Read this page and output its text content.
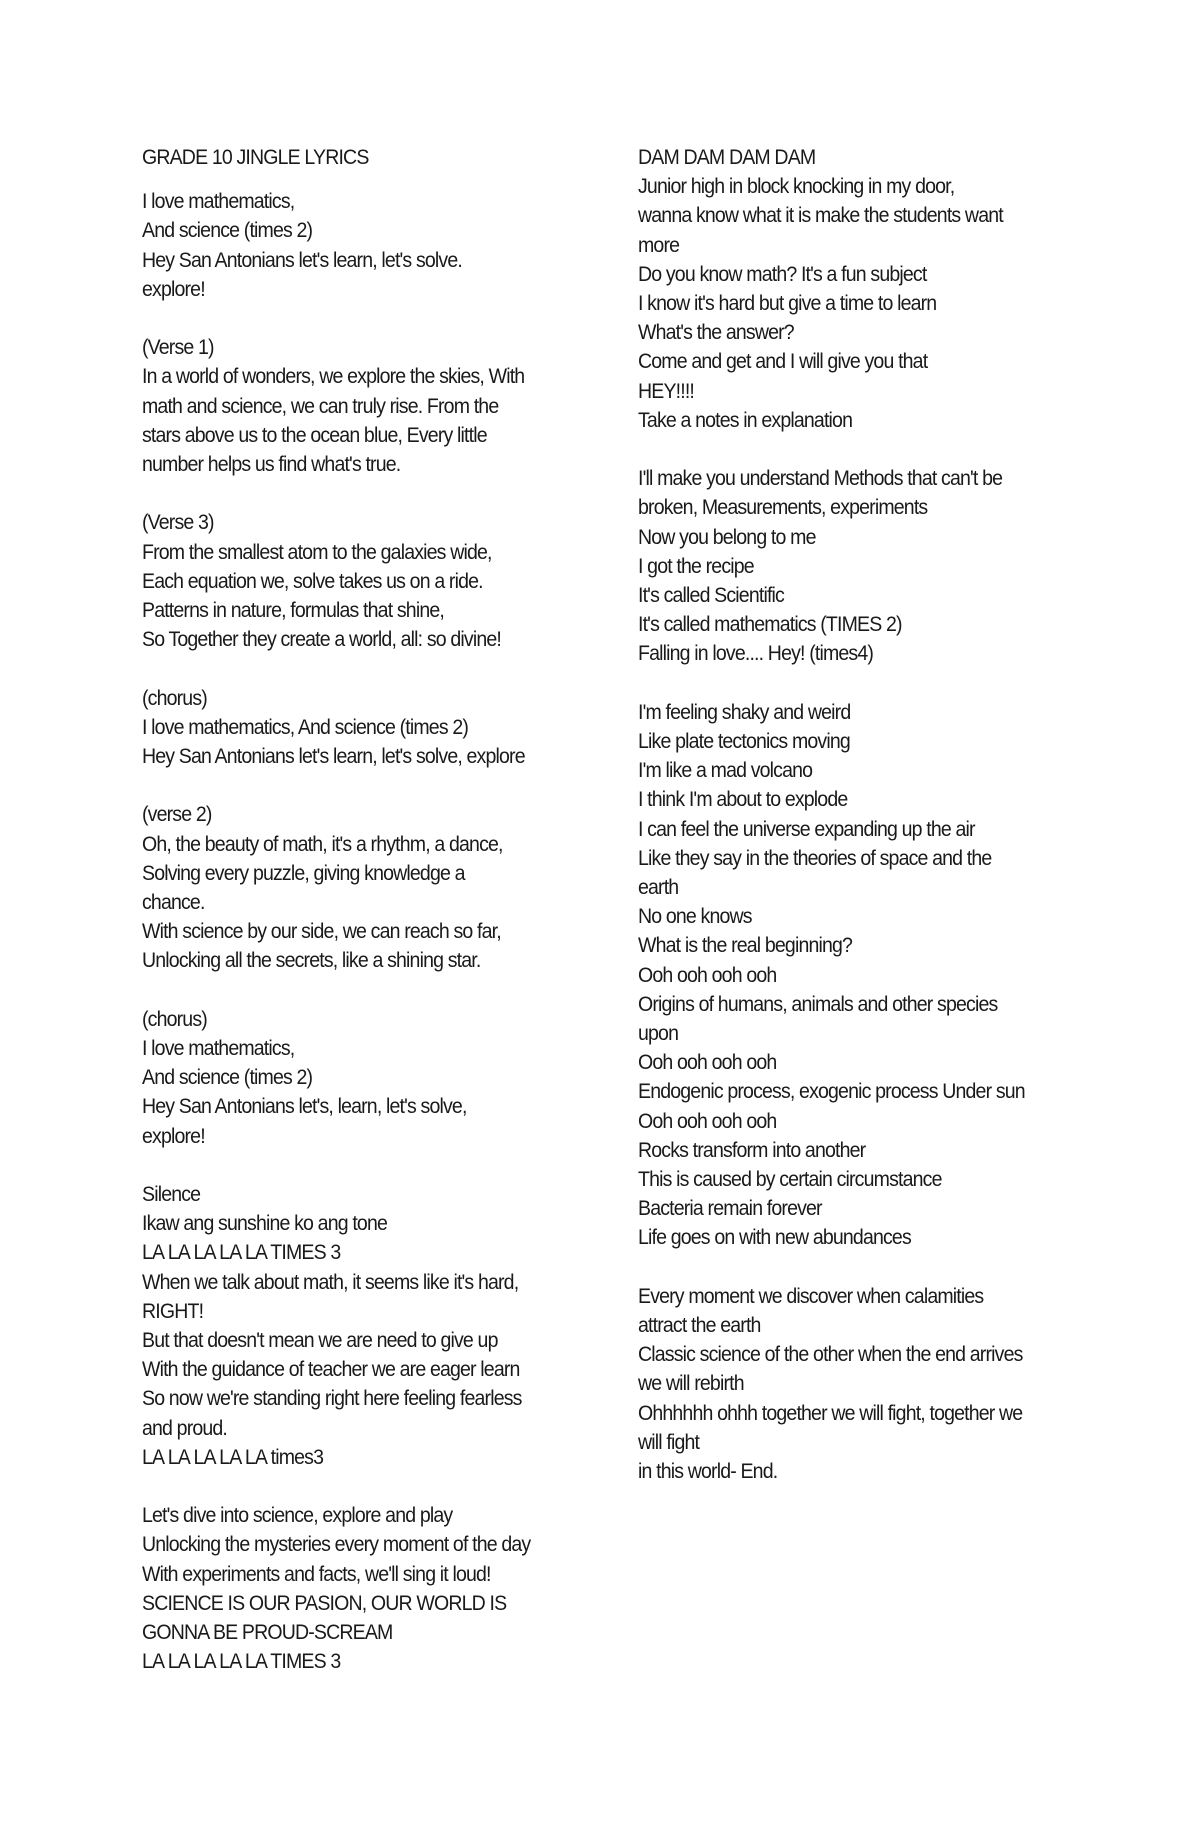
GRADE 10 JINGLE LYRICS
I love mathematics,
And science (times 2)
Hey San Antonians let's learn, let's solve.
explore!
(Verse 1)
In a world of wonders, we explore the skies, With
math and science, we can truly rise. From the
stars above us to the ocean blue, Every little
number helps us find what's true.
(Verse 3)
From the smallest atom to the galaxies wide,
Each equation we, solve takes us on a ride.
Patterns in nature, formulas that shine,
So Together they create a world, all: so divine!
(chorus)
I love mathematics, And science (times 2)
Hey San Antonians let's learn, let's solve, explore
(verse 2)
Oh, the beauty of math, it's a rhythm, a dance,
Solving every puzzle, giving knowledge a
chance.
With science by our side, we can reach so far,
Unlocking all the secrets, like a shining star.
(chorus)
I love mathematics,
And science (times 2)
Hey San Antonians let's, learn, let's solve,
explore!
Silence
Ikaw ang sunshine ko ang tone
LA LA LA LA LA TIMES 3
When we talk about math, it seems like it's hard,
RIGHT!
But that doesn't mean we are need to give up
With the guidance of teacher we are eager learn
So now we're standing right here feeling fearless
and proud.
LA LA LA LA LA times3
Let's dive into science, explore and play
Unlocking the mysteries every moment of the day
With experiments and facts, we'll sing it loud!
SCIENCE IS OUR PASION, OUR WORLD IS
GONNA BE PROUD-SCREAM
LA LA LA LA LA TIMES 3
DAM DAM DAM DAM
Junior high in block knocking in my door,
wanna know what it is make the students want
more
Do you know math? It's a fun subject
I know it's hard but give a time to learn
What's the answer?
Come and get and I will give you that
HEY!!!!
Take a notes in explanation
I'll make you understand Methods that can't be
broken, Measurements, experiments
Now you belong to me
I got the recipe
It's called Scientific
It's called mathematics (TIMES 2)
Falling in love.... Hey! (times4)
I'm feeling shaky and weird
Like plate tectonics moving
I'm like a mad volcano
I think I'm about to explode
I can feel the universe expanding up the air
Like they say in the theories of space and the
earth
No one knows
What is the real beginning?
Ooh ooh ooh ooh
Origins of humans, animals and other species
upon
Ooh ooh ooh ooh
Endogenic process, exogenic process Under sun
Ooh ooh ooh ooh
Rocks transform into another
This is caused by certain circumstance
Bacteria remain forever
Life goes on with new abundances
Every moment we discover when calamities
attract the earth
Classic science of the other when the end arrives
we will rebirth
Ohhhhhh ohhh together we will fight, together we
will fight
in this world- End.
